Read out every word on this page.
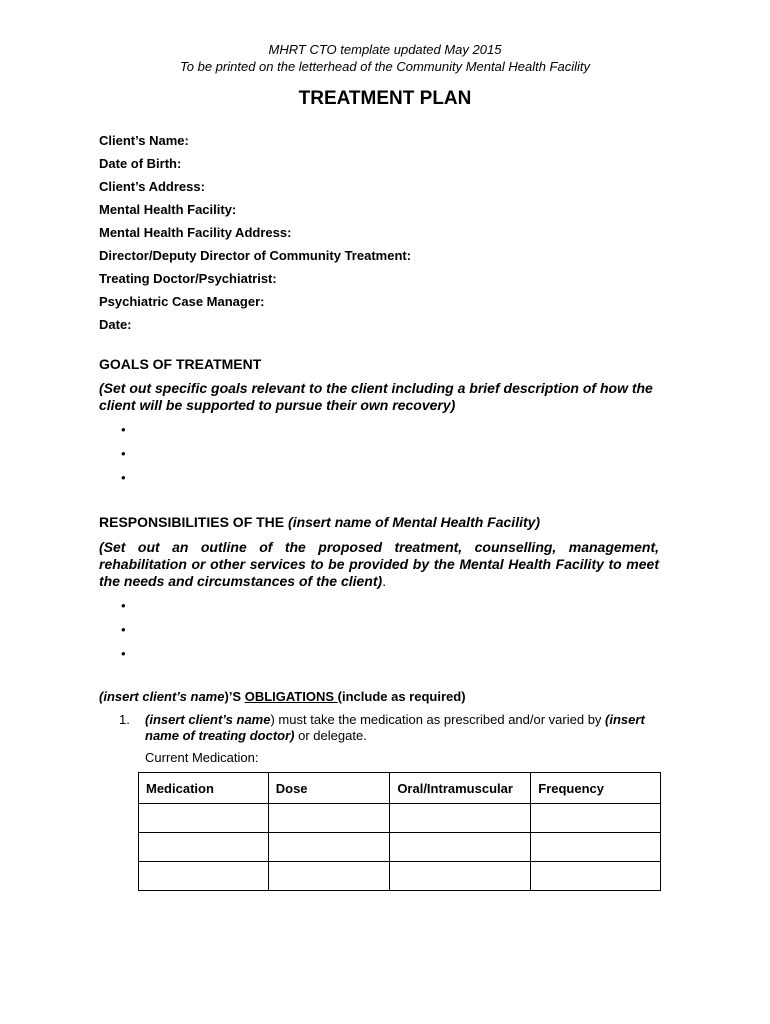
MHRT CTO template updated May 2015
To be printed on the letterhead of the Community Mental Health Facility
TREATMENT PLAN
Client’s Name:
Date of Birth:
Client’s Address:
Mental Health Facility:
Mental Health Facility Address:
Director/Deputy Director of Community Treatment:
Treating Doctor/Psychiatrist:
Psychiatric Case Manager:
Date:
GOALS OF TREATMENT
(Set out specific goals relevant to the client including a brief description of how the client will be supported to pursue their own recovery)
•
•
•
RESPONSIBILITIES OF THE (insert name of Mental Health Facility)
(Set out an outline of the proposed treatment, counselling, management, rehabilitation or other services to be provided by the Mental Health Facility to meet the needs and circumstances of the client).
•
•
•
(insert client’s name)’S OBLIGATIONS (include as required)
1. (insert client’s name) must take the medication as prescribed and/or varied by (insert name of treating doctor) or delegate.
Current Medication:
Medication	Dose	Oral/Intramuscular	Frequency
